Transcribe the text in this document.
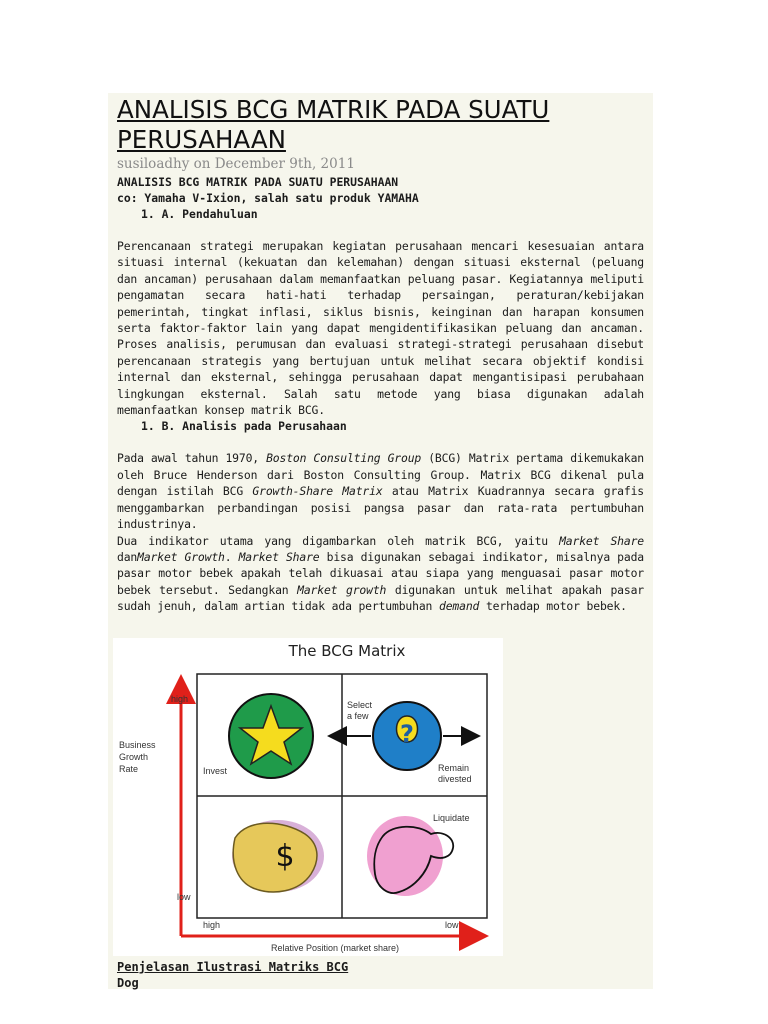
ANALISIS BCG MATRIK PADA SUATU PERUSAHAAN
susiloadhy on December 9th, 2011
ANALISIS BCG MATRIK PADA SUATU PERUSAHAAN
co: Yamaha V-Ixion, salah satu produk YAMAHA
1. A. Pendahuluan

Perencanaan strategi merupakan kegiatan perusahaan mencari kesesuaian antara situasi internal (kekuatan dan kelemahan) dengan situasi eksternal (peluang dan ancaman) perusahaan dalam memanfaatkan peluang pasar. Kegiatannya meliputi pengamatan secara hati-hati terhadap persaingan, peraturan/kebijakan pemerintah, tingkat inflasi, siklus bisnis, keinginan dan harapan konsumen serta faktor-faktor lain yang dapat mengidentifikasikan peluang dan ancaman. Proses analisis, perumusan dan evaluasi strategi-strategi perusahaan disebut perencanaan strategis yang bertujuan untuk melihat secara objektif kondisi internal dan eksternal, sehingga perusahaan dapat mengantisipasi perubahaan lingkungan eksternal. Salah satu metode yang biasa digunakan adalah memanfaatkan konsep matrik BCG.

1. B. Analisis pada Perusahaan

Pada awal tahun 1970, Boston Consulting Group (BCG) Matrix pertama dikemukakan oleh Bruce Henderson dari Boston Consulting Group. Matrix BCG dikenal pula dengan istilah BCG Growth-Share Matrix atau Matrix Kuadrannya secara grafis menggambarkan perbandingan posisi pangsa pasar dan rata-rata pertumbuhan industrinya.

Dua indikator utama yang digambarkan oleh matrik BCG, yaitu Market Share danMarket Growth. Market Share bisa digunakan sebagai indikator, misalnya pada pasar motor bebek apakah telah dikuasai atau siapa yang menguasai pasar motor bebek tersebut. Sedangkan Market growth digunakan untuk melihat apakah pasar sudah jenuh, dalam artian tidak ada pertumbuhan demand terhadap motor bebek.

The BCG Matrix
high
low
Business
Growth
Rate
high	low
Relative Position (market share)
Invest
?
Select
a few
Remain
divested
$
Liquidate
Penjelasan Ilustrasi Matriks BCG
Dog
